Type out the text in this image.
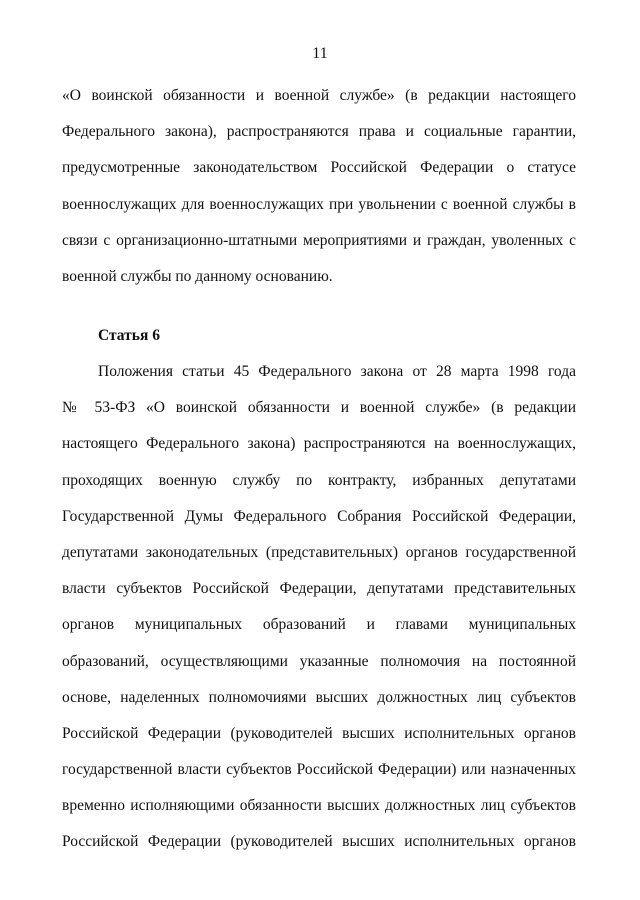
11
«О воинской обязанности и военной службе» (в редакции настоящего
Федерального закона), распространяются права и социальные гарантии,
предусмотренные законодательством Российской Федерации о статусе
военнослужащих для военнослужащих при увольнении с военной службы в
связи с организационно-штатными мероприятиями и граждан, уволенных с
военной службы по данному основанию.
Статья 6
Положения статьи 45 Федерального закона от 28 марта 1998 года
№ 53-ФЗ «О воинской обязанности и военной службе» (в редакции
настоящего Федерального закона) распространяются на военнослужащих,
проходящих военную службу по контракту, избранных депутатами
Государственной Думы Федерального Собрания Российской Федерации,
депутатами законодательных (представительных) органов государственной
власти субъектов Российской Федерации, депутатами представительных
органов муниципальных образований и главами муниципальных
образований, осуществляющими указанные полномочия на постоянной
основе, наделенных полномочиями высших должностных лиц субъектов
Российской Федерации (руководителей высших исполнительных органов
государственной власти субъектов Российской Федерации) или назначенных
временно исполняющими обязанности высших должностных лиц субъектов
Российской Федерации (руководителей высших исполнительных органов
